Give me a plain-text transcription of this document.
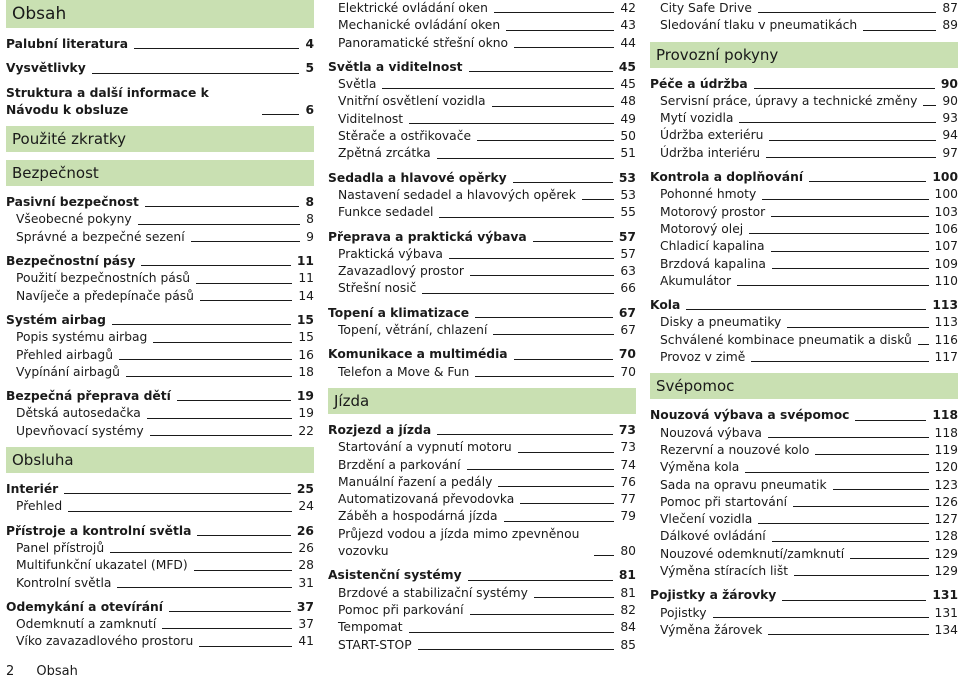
Obsah
Palubní literatura	4
Vysvětlivky	5
Struktura a další informace k Návodu k obsluze	6
Použité zkratky
Bezpečnost
Pasivní bezpečnost	8
Všeobecné pokyny	8
Správné a bezpečné sezení	9
Bezpečnostní pásy	11
Použití bezpečnostních pásů	11
Navíječe a předepínače pásů	14
Systém airbag	15
Popis systému airbag	15
Přehled airbagů	16
Vypínání airbagů	18
Bezpečná přeprava dětí	19
Dětská autosedačka	19
Upevňovací systémy	22
Obsluha
Interiér	25
Přehled	24
Přístroje a kontrolní světla	26
Panel přístrojů	26
Multifunkční ukazatel (MFD)	28
Kontrolní světla	31
Odemykání a otevírání	37
Odemknutí a zamknutí	37
Víko zavazadlového prostoru	41
Elektrické ovládání oken	42
Mechanické ovládání oken	43
Panoramatické střešní okno	44
Světla a viditelnost	45
Světla	45
Vnitřní osvětlení vozidla	48
Viditelnost	49
Stěrače a ostřikovače	50
Zpětná zrcátka	51
Sedadla a hlavové opěrky	53
Nastavení sedadel a hlavových opěrek	53
Funkce sedadel	55
Přeprava a praktická výbava	57
Praktická výbava	57
Zavazadlový prostor	63
Střešní nosič	66
Topení a klimatizace	67
Topení, větrání, chlazení	67
Komunikace a multimédia	70
Telefon a Move & Fun	70
Jízda
Rozjezd a jízda	73
Startování a vypnutí motoru	73
Brzdění a parkování	74
Manuální řazení a pedály	76
Automatizovaná převodovka	77
Záběh a hospodárná jízda	79
Průjezd vodou a jízda mimo zpevněnou vozovku	80
Asistenční systémy	81
Brzdové a stabilizační systémy	81
Pomoc při parkování	82
Tempomat	84
START-STOP	85
City Safe Drive	87
Sledování tlaku v pneumatikách	89
Provozní pokyny
Péče a údržba	90
Servisní práce, úpravy a technické změny 90
Mytí vozidla	93
Údržba exteriéru	94
Údržba interiéru	97
Kontrola a doplňování	100
Pohonné hmoty	100
Motorový prostor	103
Motorový olej	106
Chladicí kapalina	107
Brzdová kapalina	109
Akumulátor	110
Kola	113
Disky a pneumatiky	113
Schválené kombinace pneumatik a disků 116
Provoz v zimě	117
Svépomoc
Nouzová výbava a svépomoc	118
Nouzová výbava	118
Rezervní a nouzové kolo	119
Výměna kola	120
Sada na opravu pneumatik	123
Pomoc při startování	126
Vlečení vozidla	127
Dálkové ovládání	128
Nouzové odemknutí/zamknutí	129
Výměna stíracích lišt	129
Pojistky a žárovky	131
Pojistky	131
Výměna žárovek	134
2 Obsah
